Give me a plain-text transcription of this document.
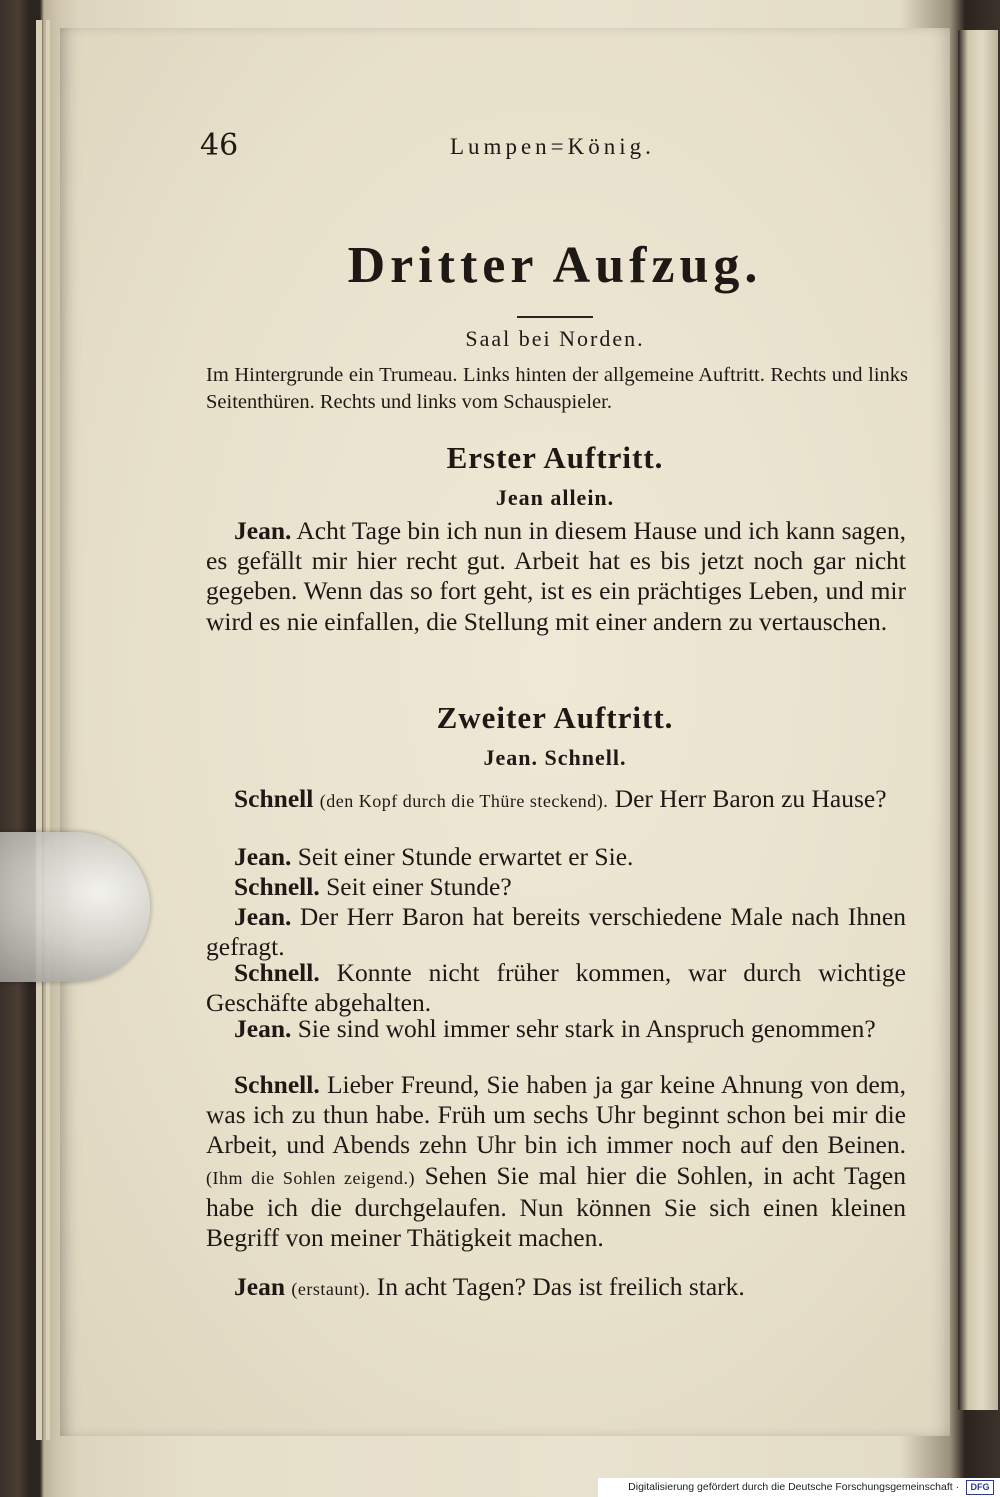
46	Lumpen=König.
Dritter Aufzug.
Saal bei Norden.
Im Hintergrunde ein Trumeau. Links hinten der allgemeine Auftritt. Rechts und links Seitenthüren. Rechts und links vom Schauspieler.
Erster Auftritt.
Jean allein.
Jean. Acht Tage bin ich nun in diesem Hause und ich kann sagen, es gefällt mir hier recht gut. Arbeit hat es bis jetzt noch gar nicht gegeben. Wenn das so fort geht, ist es ein prächtiges Leben, und mir wird es nie einfallen, die Stellung mit einer andern zu vertauschen.
Zweiter Auftritt.
Jean. Schnell.
Schnell (den Kopf durch die Thüre steckend). Der Herr Baron zu Hause?
Jean. Seit einer Stunde erwartet er Sie.
Schnell. Seit einer Stunde?
Jean. Der Herr Baron hat bereits verschiedene Male nach Ihnen gefragt.
Schnell. Konnte nicht früher kommen, war durch wichtige Geschäfte abgehalten.
Jean. Sie sind wohl immer sehr stark in Anspruch genommen?
Schnell. Lieber Freund, Sie haben ja gar keine Ahnung von dem, was ich zu thun habe. Früh um sechs Uhr beginnt schon bei mir die Arbeit, und Abends zehn Uhr bin ich immer noch auf den Beinen. (Ihm die Sohlen zeigend.) Sehen Sie mal hier die Sohlen, in acht Tagen habe ich die durchgelaufen. Nun können Sie sich einen kleinen Begriff von meiner Thätigkeit machen.
Jean (erstaunt). In acht Tagen? Das ist freilich stark.
Digitalisierung gefördert durch die Deutsche Forschungsgemeinschaft · DFG
